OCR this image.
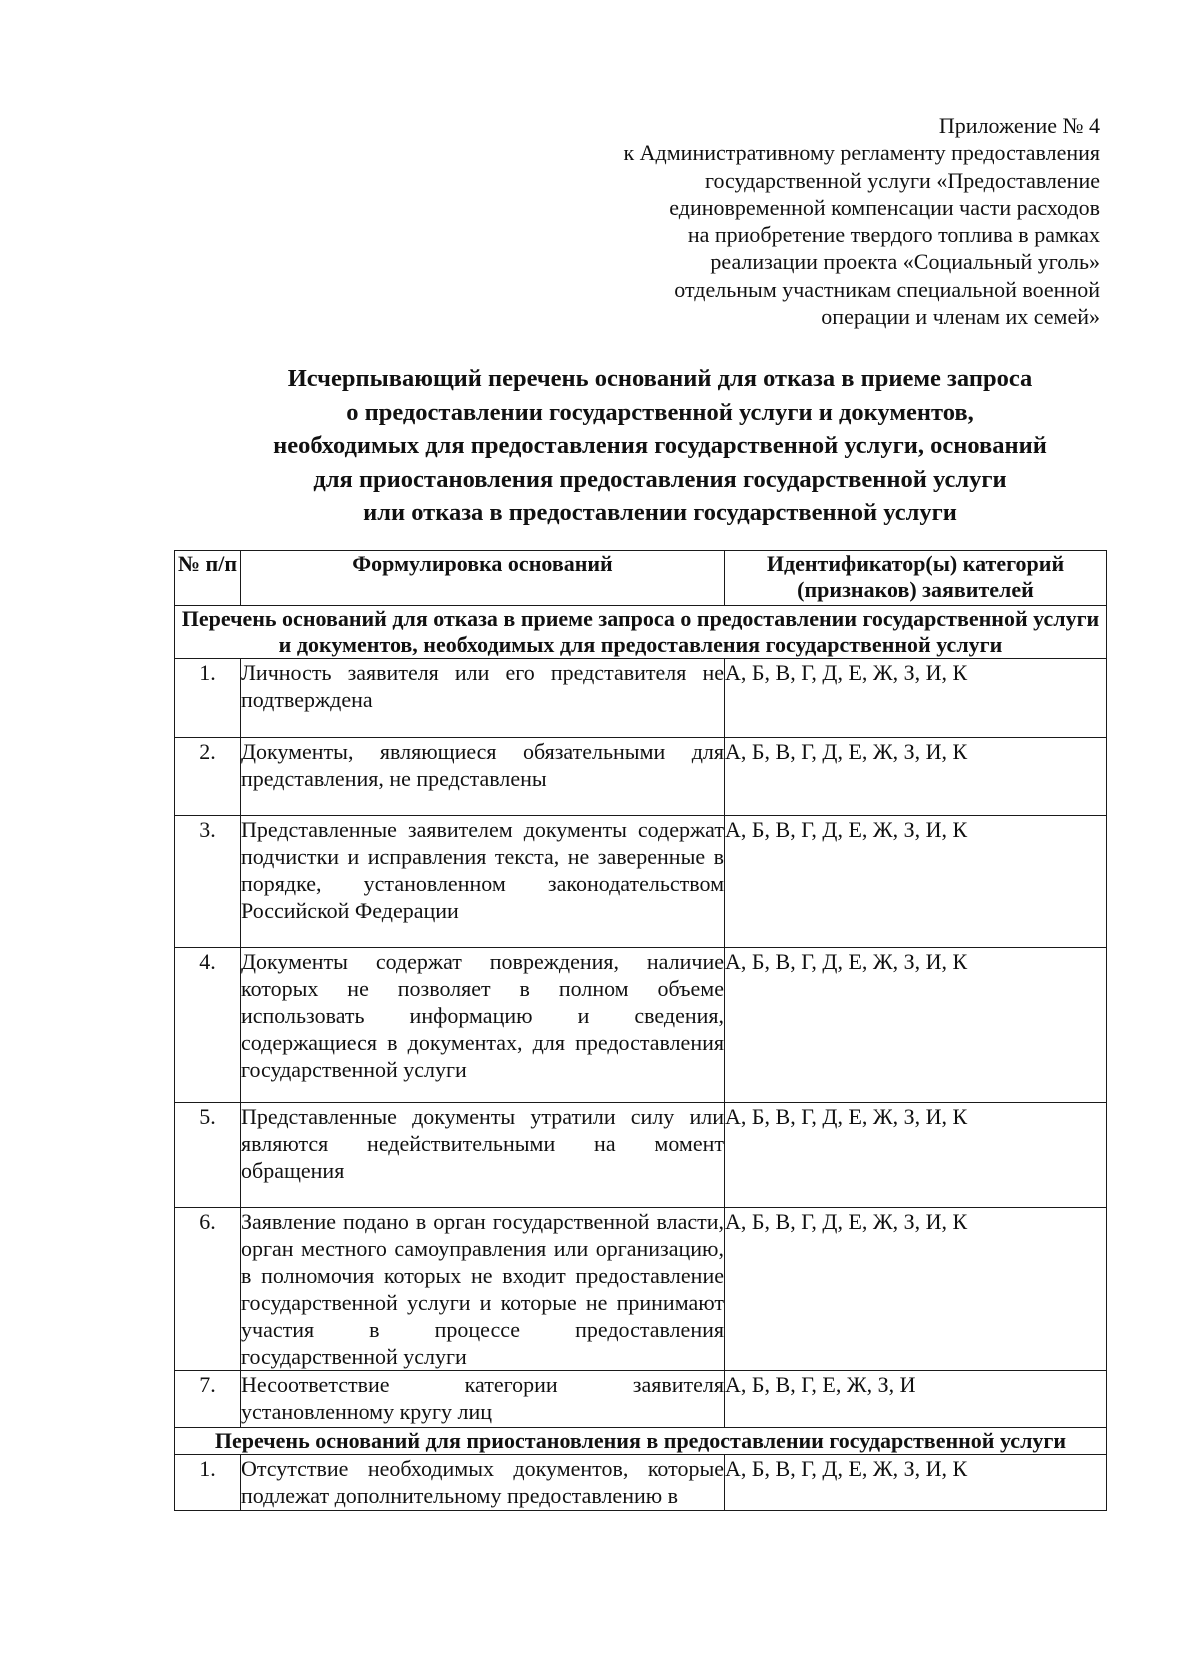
Приложение № 4
к Административному регламенту предоставления
государственной услуги «Предоставление
единовременной компенсации части расходов
на приобретение твердого топлива в рамках
реализации проекта «Социальный уголь»
отдельным участникам специальной военной
операции и членам их семей»
Исчерпывающий перечень оснований для отказа в приеме запроса
о предоставлении государственной услуги и документов,
необходимых для предоставления государственной услуги, оснований
для приостановления предоставления государственной услуги
или отказа в предоставлении государственной услуги
№ п/п	Формулировка оснований	Идентификатор(ы) категорий (признаков) заявителей
Перечень оснований для отказа в приеме запроса о предоставлении государственной услуги и документов, необходимых для предоставления государственной услуги		
1.	Личность заявителя или его представителя не подтверждена	А, Б, В, Г, Д, Е, Ж, З, И, К
2.	Документы, являющиеся обязательными для представления, не представлены	А, Б, В, Г, Д, Е, Ж, З, И, К
3.	Представленные заявителем документы содержат подчистки и исправления текста, не заверенные в порядке, установленном законодательством Российской Федерации	А, Б, В, Г, Д, Е, Ж, З, И, К
4.	Документы содержат повреждения, наличие которых не позволяет в полном объеме использовать информацию и сведения, содержащиеся в документах, для предоставления государственной услуги	А, Б, В, Г, Д, Е, Ж, З, И, К
5.	Представленные документы утратили силу или являются недействительными на момент обращения	А, Б, В, Г, Д, Е, Ж, З, И, К
6.	Заявление подано в орган государственной власти, орган местного самоуправления или организацию, в полномочия которых не входит предоставление государственной услуги и которые не принимают участия в процессе предоставления государственной услуги	А, Б, В, Г, Д, Е, Ж, З, И, К
7.	Несоответствие категории заявителя установленному кругу лиц	А, Б, В, Г, Е, Ж, З, И
Перечень оснований для приостановления в предоставлении государственной услуги		
1.	Отсутствие необходимых документов, которые подлежат дополнительному предоставлению в	А, Б, В, Г, Д, Е, Ж, З, И, К
